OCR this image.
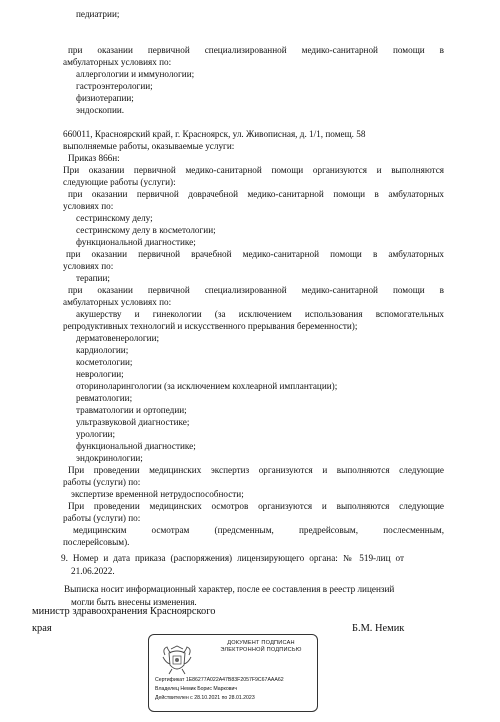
педиатрии;
при оказании первичной специализированной медико-санитарной помощи в
амбулаторных условиях по:
аллергологии и иммунологии;
гастроэнтерологии;
физиотерапии;
эндоскопии.
660011, Красноярский край, г. Красноярск, ул. Живописная, д. 1/1, помещ. 58
выполняемые работы, оказываемые услуги:
Приказ 866н:
При оказании первичной медико-санитарной помощи организуются и выполняются
следующие работы (услуги):
при оказании первичной доврачебной медико-санитарной помощи в амбулаторных
условиях по:
сестринскому делу;
сестринскому делу в косметологии;
функциональной диагностике;
при оказании первичной врачебной медико-санитарной помощи в амбулаторных
условиях по:
терапии;
при оказании первичной специализированной медико-санитарной помощи в
амбулаторных условиях по:
акушерству и гинекологии (за исключением использования вспомогательных
репродуктивных технологий и искусственного прерывания беременности);
дерматовенерологии;
кардиологии;
косметологии;
неврологии;
оториноларингологии (за исключением кохлеарной имплантации);
ревматологии;
травматологии и ортопедии;
ультразвуковой диагностике;
урологии;
функциональной диагностике;
эндокринологии;
При проведении медицинских экспертиз организуются и выполняются следующие
работы (услуги) по:
экспертизе временной нетрудоспособности;
При проведении медицинских осмотров организуются и выполняются следующие
работы (услуги) по:
медицинским осмотрам (предсменным, предрейсовым, послесменным,
послерейсовым).
9. Номер и дата приказа (распоряжения) лицензирующего органа: № 519-лиц от
21.06.2022.
Выписка носит информационный характер, после ее составления в реестр лицензий
могли быть внесены изменения.
министр здравоохранения Красноярского
края	Б.М. Немик
ДОКУМЕНТ ПОДПИСАН
ЭЛЕКТРОННОЙ ПОДПИСЬЮ
Сертификат 1E86277A022A47B83F2057F9C67AAA62
Владелец Немик Борис Маркович
Действителен с 28.10.2021 по 28.01.2023
